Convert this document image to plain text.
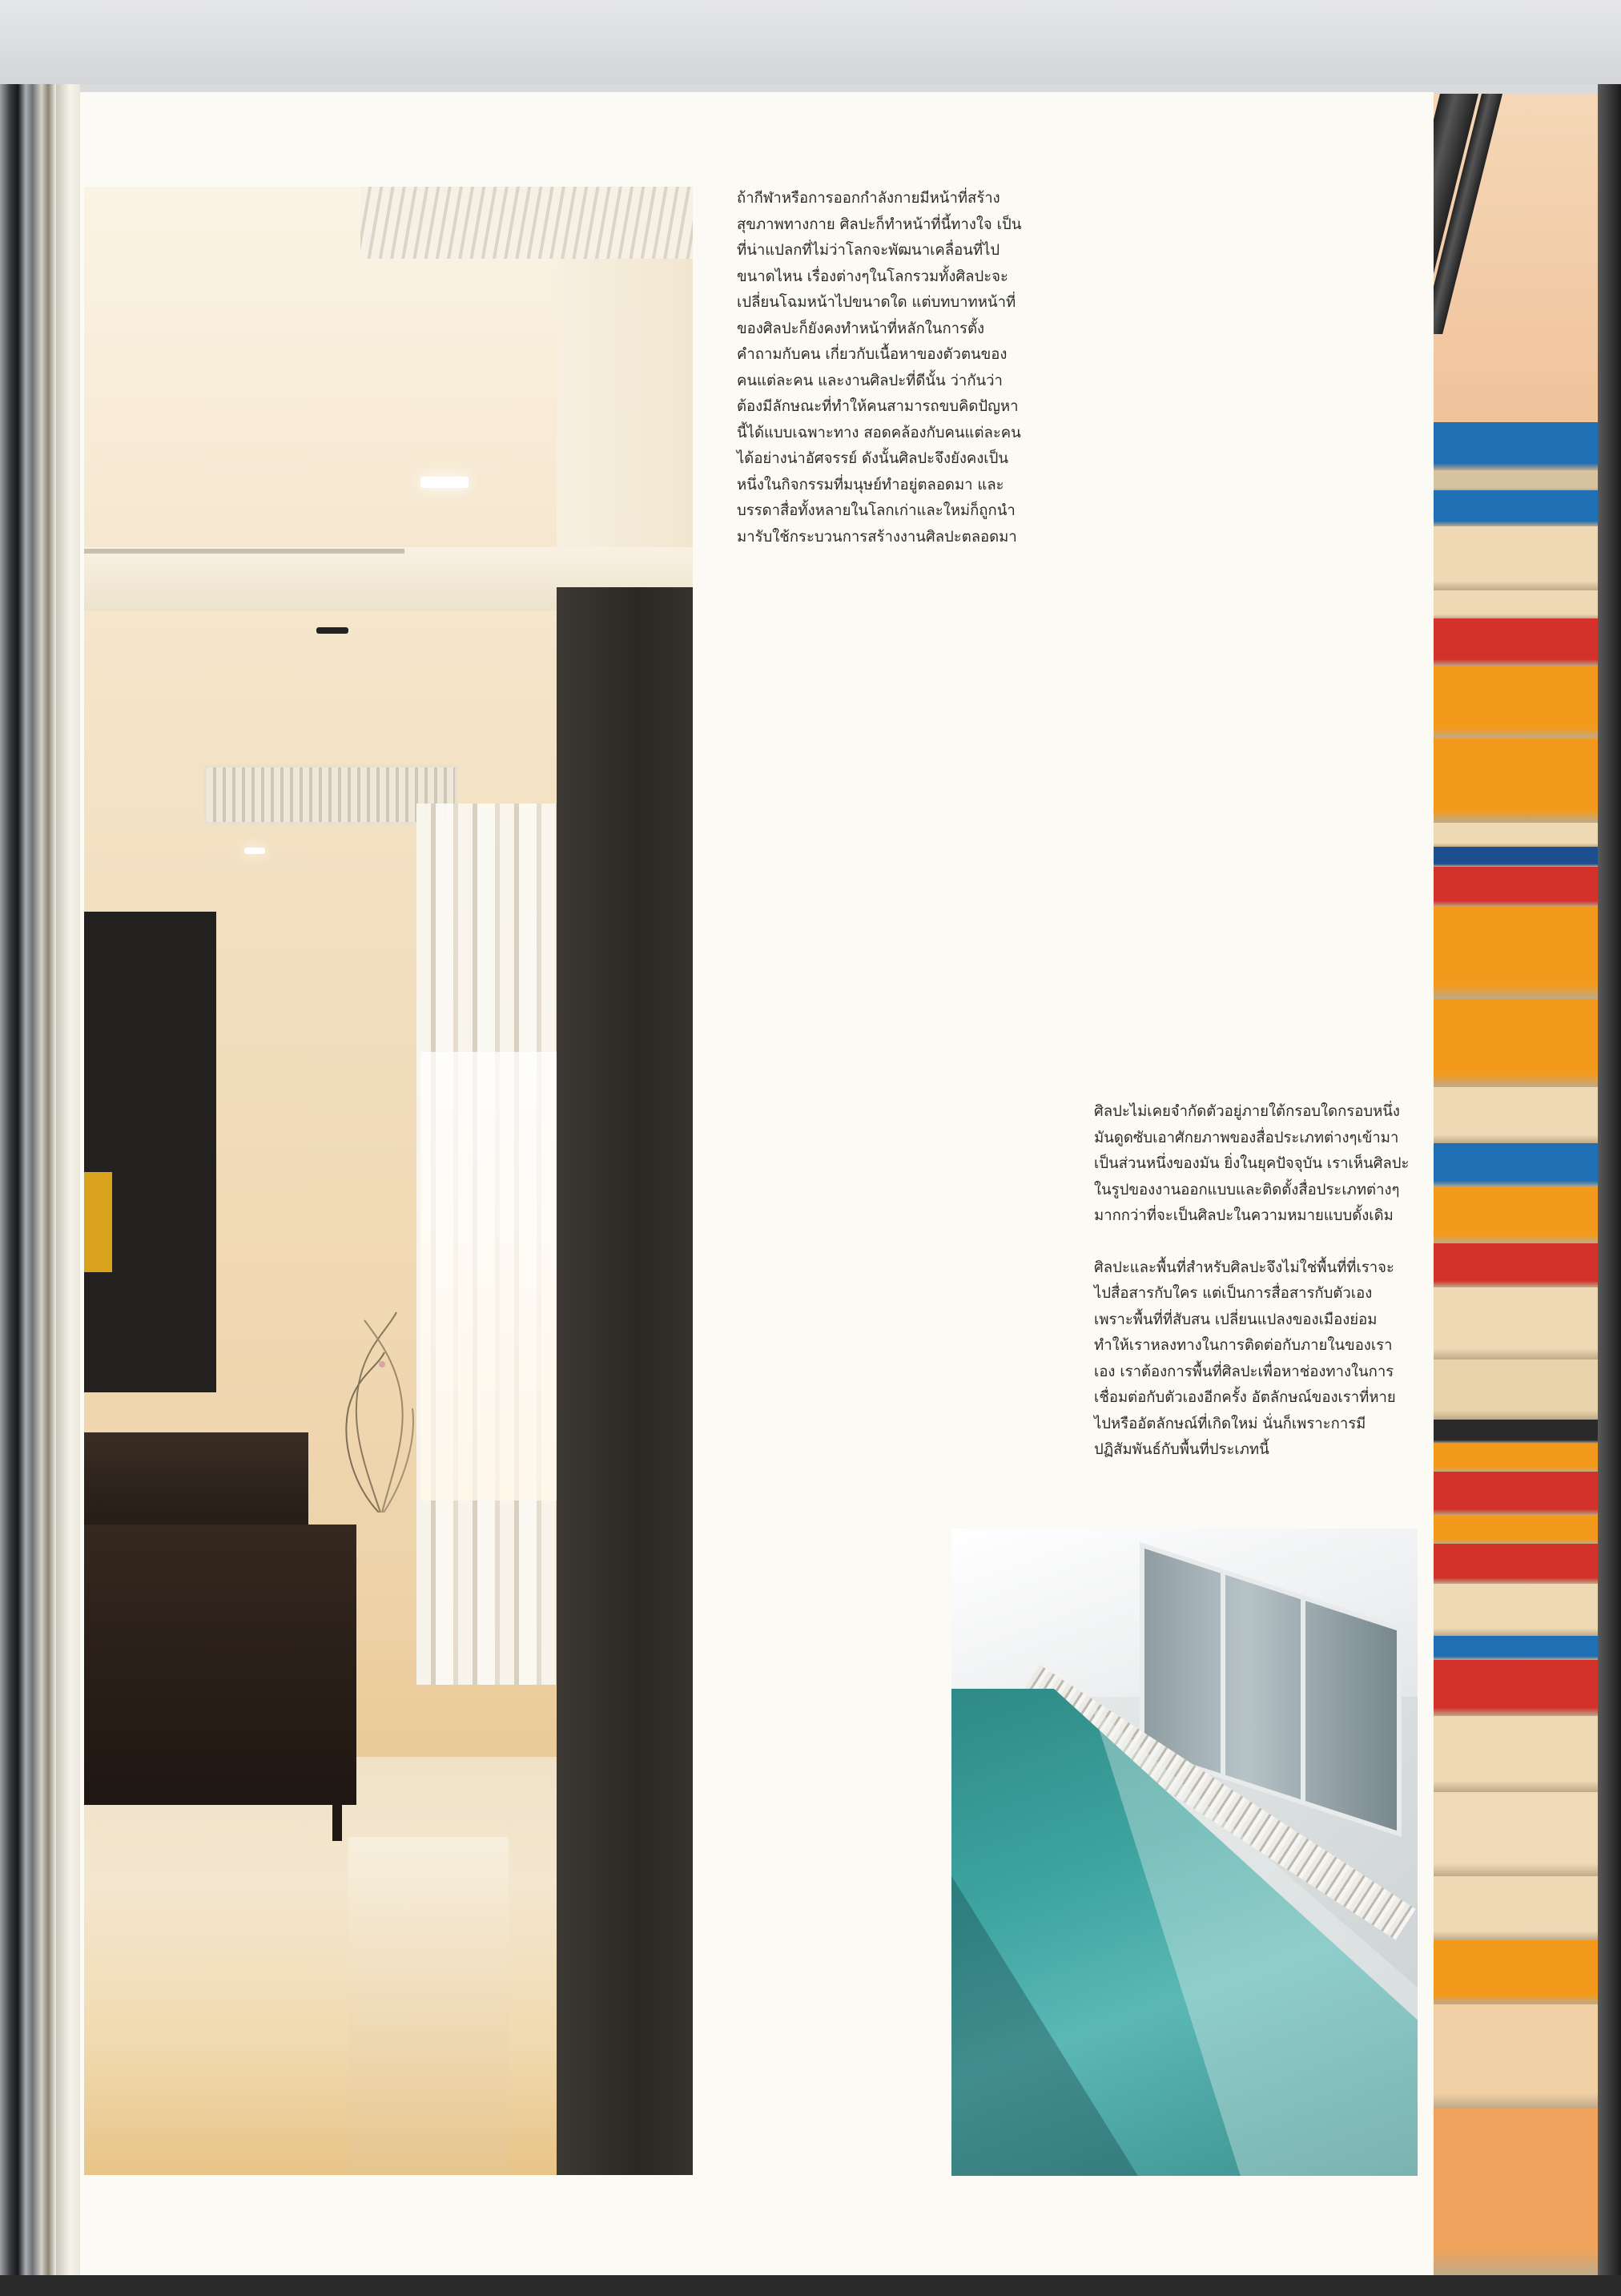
ถ้ากีฬาหรือการออกกำลังกายมีหน้าที่สร้างสุขภาพทางกาย ศิลปะก็ทำหน้าที่นี้ทางใจ เป็นที่น่าแปลกที่ไม่ว่าโลกจะพัฒนาเคลื่อนที่ไปขนาดไหน เรื่องต่างๆในโลกรวมทั้งศิลปะจะเปลี่ยนโฉมหน้าไปขนาดใด แต่บทบาทหน้าที่ของศิลปะก็ยังคงทำหน้าที่หลักในการตั้งคำถามกับคน เกี่ยวกับเนื้อหาของตัวตนของคนแต่ละคน และงานศิลปะที่ดีนั้น ว่ากันว่าต้องมีลักษณะที่ทำให้คนสามารถขบคิดปัญหานี้ได้แบบเฉพาะทาง สอดคล้องกับคนแต่ละคนได้อย่างน่าอัศจรรย์ ดังนั้นศิลปะจึงยังคงเป็นหนึ่งในกิจกรรมที่มนุษย์ทำอยู่ตลอดมา และบรรดาสื่อทั้งหลายในโลกเก่าและใหม่ก็ถูกนำมารับใช้กระบวนการสร้างงานศิลปะตลอดมา

ศิลปะไม่เคยจำกัดตัวอยู่ภายใต้กรอบใดกรอบหนึ่ง มันดูดซับเอาศักยภาพของสื่อประเภทต่างๆเข้ามาเป็นส่วนหนึ่งของมัน ยิ่งในยุคปัจจุบัน เราเห็นศิลปะในรูปของงานออกแบบและติดตั้งสื่อประเภทต่างๆมากกว่าที่จะเป็นศิลปะในความหมายแบบดั้งเดิม

ศิลปะและพื้นที่สำหรับศิลปะจึงไม่ใช่พื้นที่ที่เราจะไปสื่อสารกับใคร แต่เป็นการสื่อสารกับตัวเอง เพราะพื้นที่ที่สับสน เปลี่ยนแปลงของเมืองย่อมทำให้เราหลงทางในการติดต่อกับภายในของเราเอง เราต้องการพื้นที่ศิลปะเพื่อหาช่องทางในการเชื่อมต่อกับตัวเองอีกครั้ง อัตลักษณ์ของเราที่หายไปหรืออัตลักษณ์ที่เกิดใหม่ นั่นก็เพราะการมีปฏิสัมพันธ์กับพื้นที่ประเภทนี้
